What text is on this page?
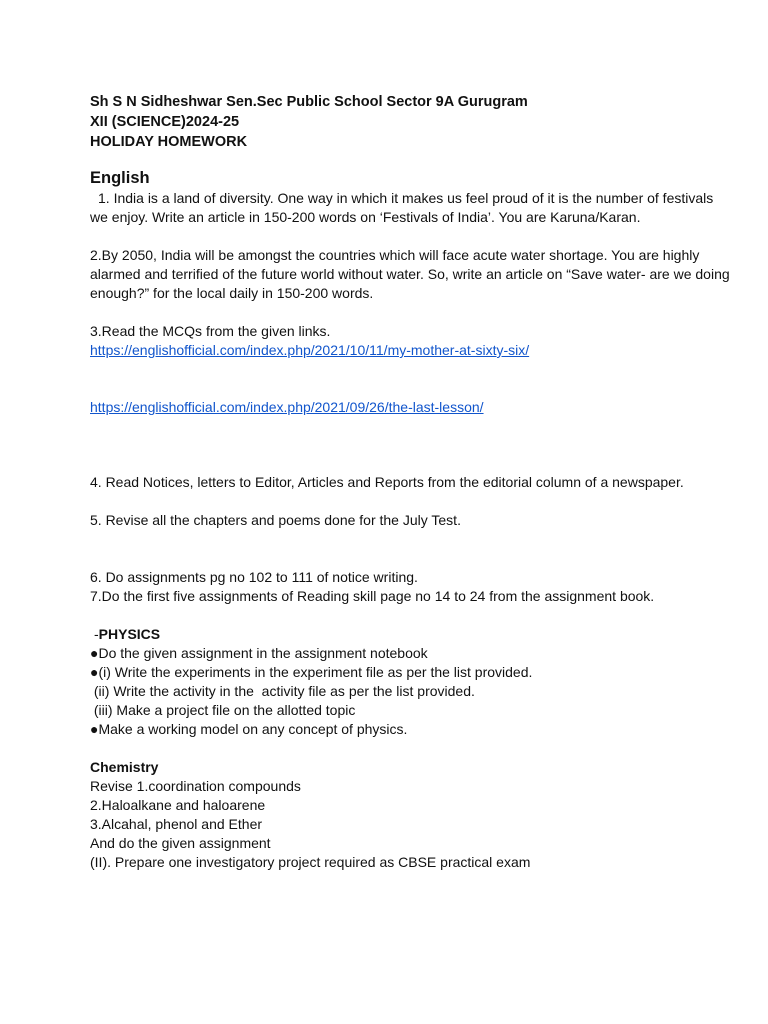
Sh S N Sidheshwar Sen.Sec Public School Sector 9A Gurugram
XII (SCIENCE)2024-25
HOLIDAY HOMEWORK
English

1. India is a land of diversity. One way in which it makes us feel proud of it is the number of festivals we enjoy. Write an article in 150-200 words on ‘Festivals of India’. You are Karuna/Karan.

2.By 2050, India will be amongst the countries which will face acute water shortage. You are highly alarmed and terrified of the future world without water. So, write an article on “Save water- are we doing enough?” for the local daily in 150-200 words.

3.Read the MCQs from the given links.

https://englishofficial.com/index.php/2021/10/11/my-mother-at-sixty-six/
https://englishofficial.com/index.php/2021/09/26/the-last-lesson/

4. Read Notices, letters to Editor, Articles and Reports from the editorial column of a newspaper.

5. Revise all the chapters and poems done for the July Test.

6. Do assignments pg no 102 to 111 of notice writing.

7.Do the first five assignments of Reading skill page no 14 to 24 from the assignment book.

-PHYSICS
●Do the given assignment in the assignment notebook
●(i) Write the experiments in the experiment file as per the list provided.
(ii) Write the activity in the  activity file as per the list provided.
(iii) Make a project file on the allotted topic
●Make a working model on any concept of physics.
Chemistry
Revise 1.coordination compounds
2.Haloalkane and haloarene
3.Alcahal, phenol and Ether
And do the given assignment
(II). Prepare one investigatory project required as CBSE practical exam
